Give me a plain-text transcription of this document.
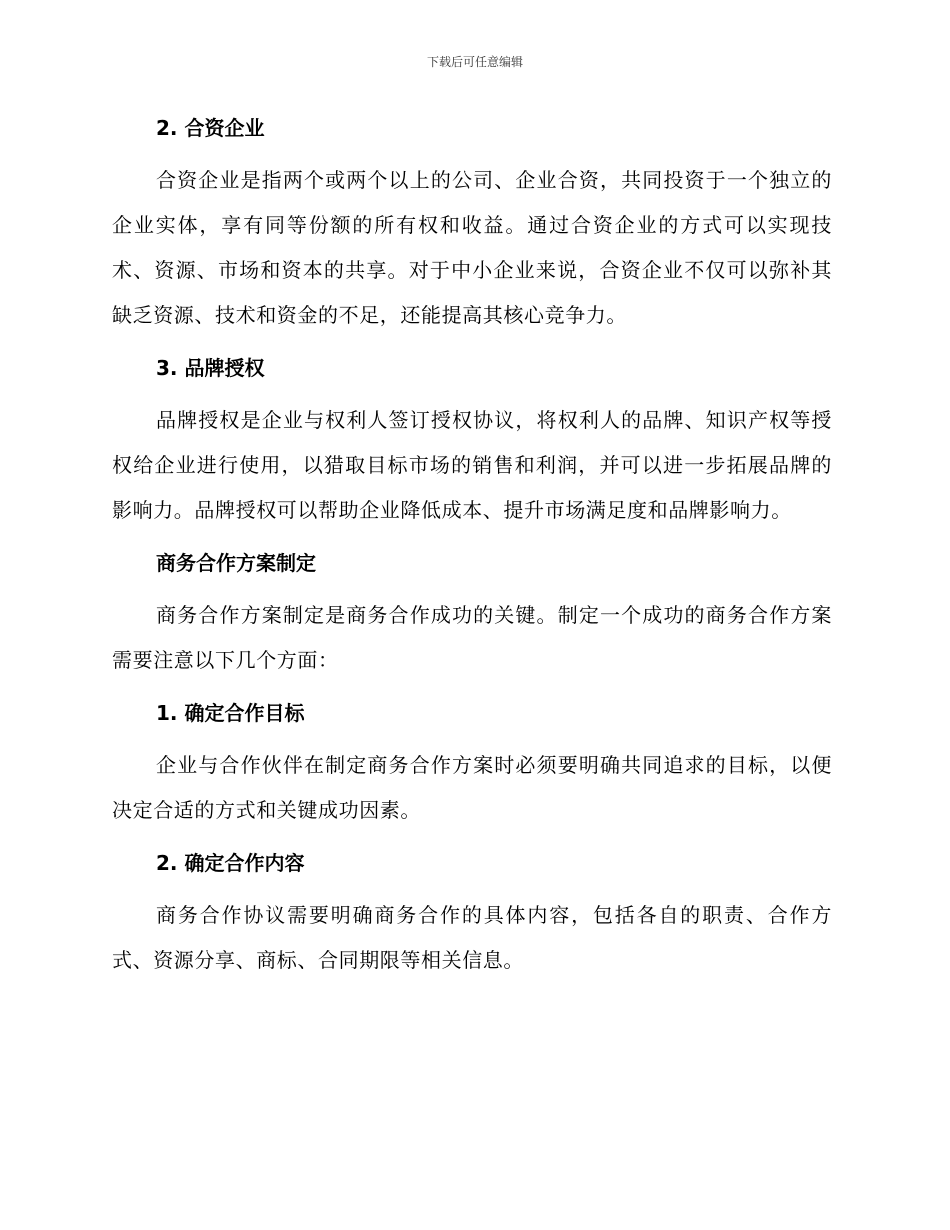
下载后可任意编辑
2. 合资企业

合资企业是指两个或两个以上的公司、企业合资，共同投资于一个独立的企业实体，享有同等份额的所有权和收益。通过合资企业的方式可以实现技术、资源、市场和资本的共享。对于中小企业来说，合资企业不仅可以弥补其缺乏资源、技术和资金的不足，还能提高其核心竞争力。

3. 品牌授权

品牌授权是企业与权利人签订授权协议，将权利人的品牌、知识产权等授权给企业进行使用，以猎取目标市场的销售和利润，并可以进一步拓展品牌的影响力。品牌授权可以帮助企业降低成本、提升市场满足度和品牌影响力。

商务合作方案制定

商务合作方案制定是商务合作成功的关键。制定一个成功的商务合作方案需要注意以下几个方面：

1. 确定合作目标

企业与合作伙伴在制定商务合作方案时必须要明确共同追求的目标，以便决定合适的方式和关键成功因素。

2. 确定合作内容

商务合作协议需要明确商务合作的具体内容，包括各自的职责、合作方式、资源分享、商标、合同期限等相关信息。
